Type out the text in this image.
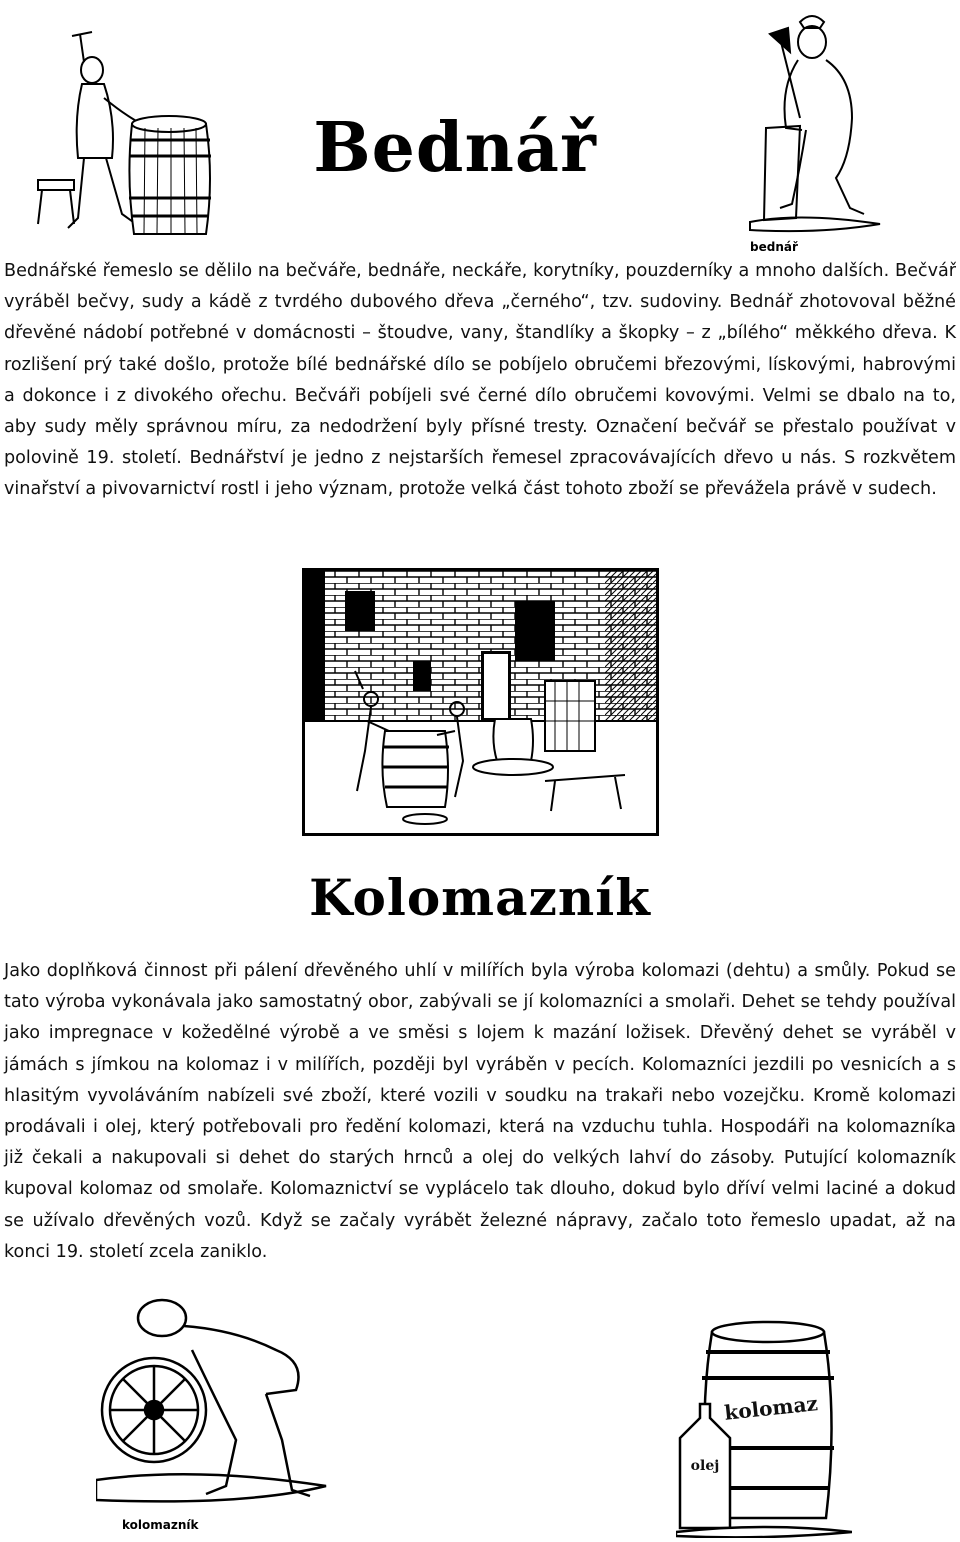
Bednář
bednář

Bednářské řemeslo se dělilo na bečváře, bednáře, neckáře, korytníky, pouzderníky a mnoho dalších. Bečvář vyráběl bečvy, sudy a kádě z tvrdého dubového dřeva „černého“, tzv. sudoviny. Bednář zhotovoval běžné dřevěné nádobí potřebné v domácnosti – štoudve, vany, štandlíky a škopky – z „bílého“ měkkého dřeva. K rozlišení prý také došlo, protože bílé bednářské dílo se pobíjelo obručemi březovými, lískovými, habrovými a dokonce i z divokého ořechu. Bečváři pobíjeli své černé dílo obručemi kovovými. Velmi se dbalo na to, aby sudy měly správnou míru, za nedodržení byly přísné tresty. Označení bečvář se přestalo používat v polovině 19. století. Bednářství je jedno z nejstarších řemesel zpracovávajících dřevo u nás. S rozkvětem vinařství a pivovarnictví rostl i jeho význam, protože velká část tohoto zboží se převážela právě v sudech.

Kolomazník

Jako doplňková činnost při pálení dřevěného uhlí v milířích byla výroba kolomazi (dehtu) a smůly. Pokud se tato výroba vykonávala jako samostatný obor, zabývali se jí kolomazníci a smolaři. Dehet se tehdy používal jako impregnace v kožedělné výrobě a ve směsi s lojem k mazání ložisek. Dřevěný dehet se vyráběl v jámách s jímkou na kolomaz i v milířích, později byl vyráběn v pecích. Kolomazníci jezdili po vesnicích a s hlasitým vyvoláváním nabízeli své zboží, které vozili v soudku na trakaři nebo vozejčku. Kromě kolomazi prodávali i olej, který potřebovali pro ředění kolomazi, která na vzduchu tuhla. Hospodáři na kolomazníka již čekali a nakupovali si dehet do starých hrnců a olej do velkých lahví do zásoby. Putující kolomazník kupoval kolomaz od smolaře. Kolomaznictví se vyplácelo tak dlouho, dokud bylo dříví velmi laciné a dokud se užívalo dřevěných vozů. Když se začaly vyrábět železné nápravy, začalo toto řemeslo upadat, až na konci 19. století zcela zaniklo.

kolomazník
kolomaz
olej
